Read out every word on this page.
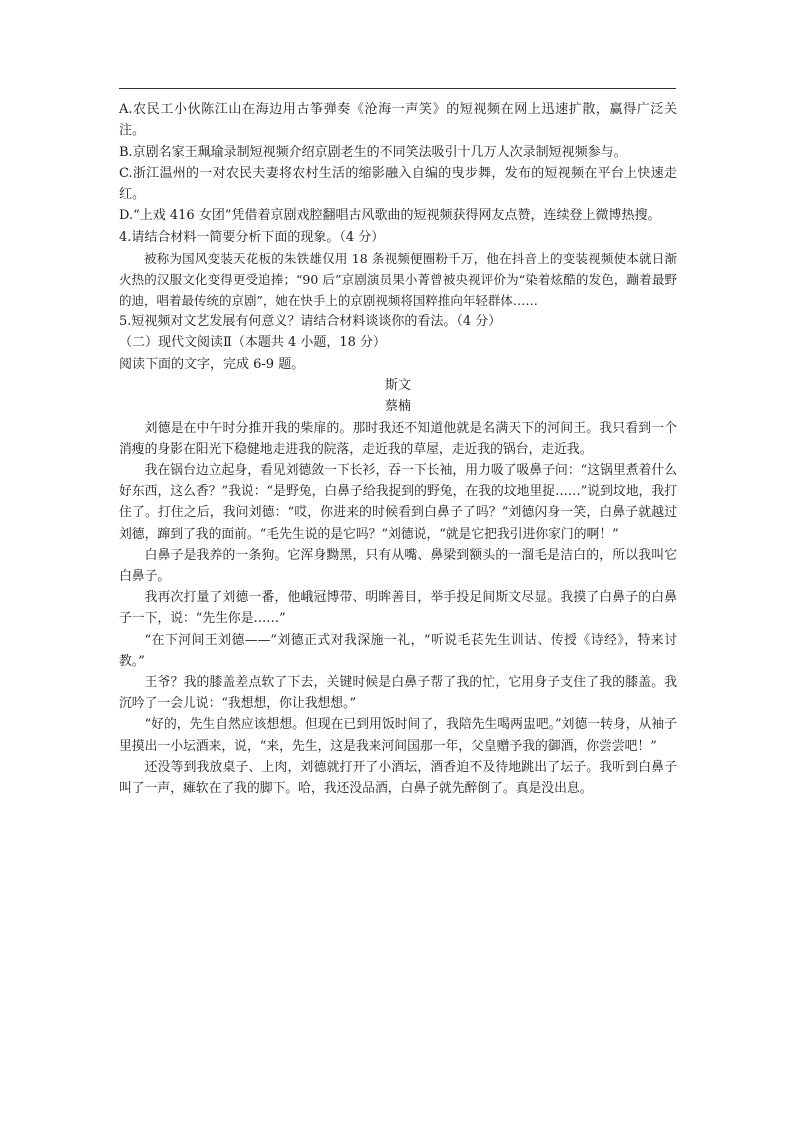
A.农民工小伙陈江山在海边用古筝弹奏《沧海一声笑》的短视频在网上迅速扩散，赢得广泛关注。

B.京剧名家王珮瑜录制短视频介绍京剧老生的不同笑法吸引十几万人次录制短视频参与。

C.浙江温州的一对农民夫妻将农村生活的缩影融入自编的曳步舞，发布的短视频在平台上快速走红。

D.“上戏 416 女团”凭借着京剧戏腔翻唱古风歌曲的短视频获得网友点赞，连续登上微博热搜。

4.请结合材料一简要分析下面的现象。（4 分）

被称为国风变装天花板的朱铁雄仅用 18 条视频便圈粉千万，他在抖音上的变装视频使本就日渐火热的汉服文化变得更受追捧；“90 后”京剧演员果小菁曾被央视评价为“染着炫酷的发色，蹦着最野的迪，唱着最传统的京剧”，她在快手上的京剧视频将国粹推向年轻群体……

5.短视频对文艺发展有何意义？请结合材料谈谈你的看法。（4 分）

（二）现代文阅读Ⅱ（本题共 4 小题，18 分）

阅读下面的文字，完成 6-9 题。

斯文

蔡楠

刘德是在中午时分推开我的柴扉的。那时我还不知道他就是名满天下的河间王。我只看到一个消瘦的身影在阳光下稳健地走进我的院落，走近我的草屋，走近我的锅台，走近我。

我在锅台边立起身，看见刘德敛一下长衫，吞一下长袖，用力吸了吸鼻子问：“这锅里煮着什么好东西，这么香？”我说：“是野兔，白鼻子给我捉到的野兔，在我的坟地里捉……”说到坟地，我打住了。打住之后，我问刘德：“哎，你进来的时候看到白鼻子了吗？”刘德闪身一笑，白鼻子就越过刘德，蹿到了我的面前。“毛先生说的是它吗？”刘德说，“就是它把我引进你家门的啊！”

白鼻子是我养的一条狗。它浑身黝黑，只有从嘴、鼻梁到额头的一溜毛是洁白的，所以我叫它白鼻子。

我再次打量了刘德一番，他峨冠博带、明眸善目，举手投足间斯文尽显。我摸了白鼻子的白鼻子一下，说：“先生你是……”

“在下河间王刘德——”刘德正式对我深施一礼，“听说毛苌先生训诂、传授《诗经》，特来讨教。”

王爷？我的膝盖差点软了下去，关键时候是白鼻子帮了我的忙，它用身子支住了我的膝盖。我沉吟了一会儿说：“我想想，你让我想想。”

“好的，先生自然应该想想。但现在已到用饭时间了，我陪先生喝两盅吧。”刘德一转身，从袖子里摸出一小坛酒来，说，“来，先生，这是我来河间国那一年，父皇赠予我的御酒，你尝尝吧！”

还没等到我放桌子、上肉，刘德就打开了小酒坛，酒香迫不及待地跳出了坛子。我听到白鼻子叫了一声，瘫软在了我的脚下。哈，我还没品酒，白鼻子就先醉倒了。真是没出息。
